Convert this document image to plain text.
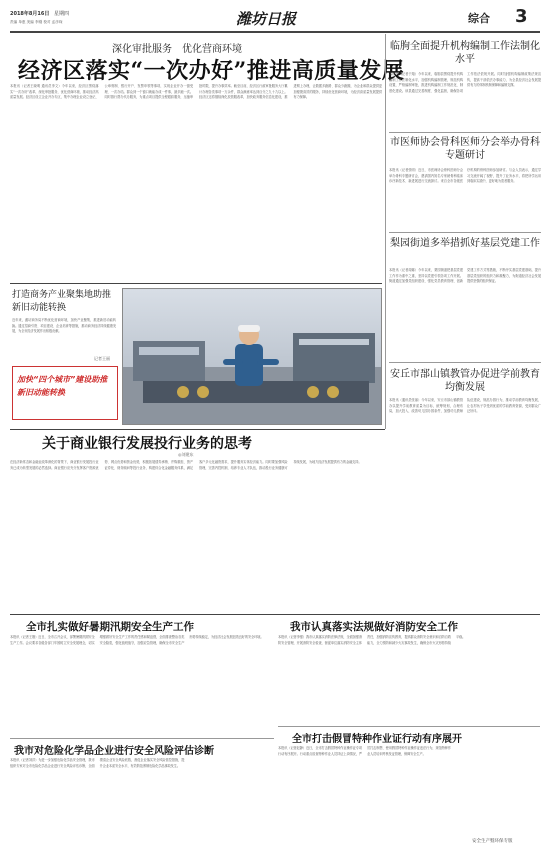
2018年8月16日 星期四
责编 单惠 美编 李刚 校对 孟彦琛	潍坊日报	综合 3
深化审批服务　优化营商环境
经济区落实“一次办好”推进高质量发展
本报讯（记者王晓明 通讯员李文）今年以来，经济区围绕落实“一次办好”改革，深化审批服务，优化营商环境，推动经济高质量发展。经济区设立企业开办专区，集中办理企业设立登记、公章刻制、银行开户、发票申领等事项，实现企业开办一窗受理、一次办结。群众到一个窗口就能办成一件事，最多跑一次。同时推行帮办代办服务，为重点项目提供全程跟踪服务，压缩审批时限，提升办事效率。截至目前，经济区行政审批服务大厅累计办理各类事项一万余件，群众满意率达到百分之九十九以上。经济区还将继续深化放管服改革，加快政务服务信息化建设，推进网上办理，让数据多跑路、群众少跑腿，为企业和群众提供更加便捷高效的服务，持续优化营商环境，为经济高质量发展提供有力保障。
临朐全面提升机构编制工作法制化水平
本报讯（记者于翔）今年以来，临朐县围绕提升机构编制工作法制化水平，加强机构编制管理，规范机构设置，严格编制审批，推进机构编制工作规范化、制度化建设。该县通过完善制度、强化监督，确保各项工作依法依规开展。同时加强机构编制政策法规宣传，提高干部依法办事能力，为全县经济社会发展提供有力的体制机制保障和编制支撑。
市医师协会骨科医师分会举办骨科专题研讨
本报讯（记者张明）近日，市医师协会骨科医师分会举办骨科专题研讨会，邀请国内知名专家就骨科临床诊疗新技术、新进展进行交流探讨。来自全市各级医疗机构的骨科医师参加研讨。与会人员表示，通过学习交流开阔了视野，提升了业务水平，将把所学运用到临床实践中，更好地为患者服务。
梨园街道多举措抓好基层党建工作
本报讯（记者周娜）今年以来，梨园街道把基层党建工作作为重中之重，坚持以党建引领各项工作开展。街道通过加强党组织建设、强化党员教育管理、创新党建工作方式等措施，不断夯实基层党建基础，提升基层党组织的组织力和凝聚力，为街道经济社会发展提供坚强的组织保证。
安丘市郚山镇教管办促进学前教育均衡发展
本报讯（通讯员张丽）今年以来，安丘市郚山镇教管办以提升学前教育质量为目标，统筹规划，合理布局，加大投入，改善幼儿园办园条件，加强幼儿教师队伍建设，规范办园行为，推动学前教育均衡发展，让农村孩子享受到优质的学前教育资源，受到群众广泛好评。
打造商务产业聚集地助推新旧动能转换
近年来，潍坊商务局不断优化营商环境，加快产业聚集，推进新旧动能转换。通过招商引资、项目建设、企业培育等措施，推动商务经济持续健康发展，为全市经济发展作出积极贡献。
记者王丽
加快“四个城市”建设助推新旧动能转换
关于商业银行发展投行业务的思考
◎刘建东
在经济新常态和金融业改革深化的背景下，商业银行发展投行业务已成为转型发展的必然选择。商业银行应充分发挥客户资源优势、网点优势和资金优势，积极拓展债券承销、并购重组、资产证券化、财务顾问等投行业务，构建综合化金融服务体系，满足客户多元化融资需求，提升服务实体经济能力。同时要加强风险管理，完善内控机制，培养专业人才队伍，推动投行业务健康可持续发展，为地方经济发展提供有力的金融支持。
全市扎实做好暑期汛期安全生产工作
本报讯（记者王刚）近日，全市召开会议，部署暑期汛期安全生产工作。会议要求各级各部门牢固树立安全发展理念，切实增强做好安全生产工作的责任感和紧迫感，全面排查整治各类安全隐患，强化值班值守，加强应急管理，确保全市安全生产形势持续稳定，为经济社会发展创造良好的安全环境。
我市认真落实法规做好消防安全工作
本报讯（记者李强）我市认真落实消防法律法规，全面加强消防安全管理，开展消防安全检查，督促单位落实消防安全主体责任，加强消防宣传教育，提高群众消防安全意识和自防自救能力，全力预防和减少火灾事故发生，确保全市火灾形势持续平稳。
我市对危险化学品企业进行安全风险评估诊断
本报讯（记者刘洋）为进一步加强危险化学品安全管理，我市组织专家对全市危险化学品企业进行安全风险评估诊断，全面摸清企业安全风险底数，督促企业落实安全风险管控措施，提升企业本质安全水平，有效防范遏制危险化学品事故发生。
全市打击假冒特种作业证行动有序展开
本报讯（记者赵静）近日，全市打击假冒特种作业操作证专项行动有序展开。行动重点检查特种作业人员持证上岗情况，严厉打击制售、使用假冒特种作业操作证违法行为，规范特种作业人员培训考核发证管理，保障安全生产。
安全生产暨环保专版
